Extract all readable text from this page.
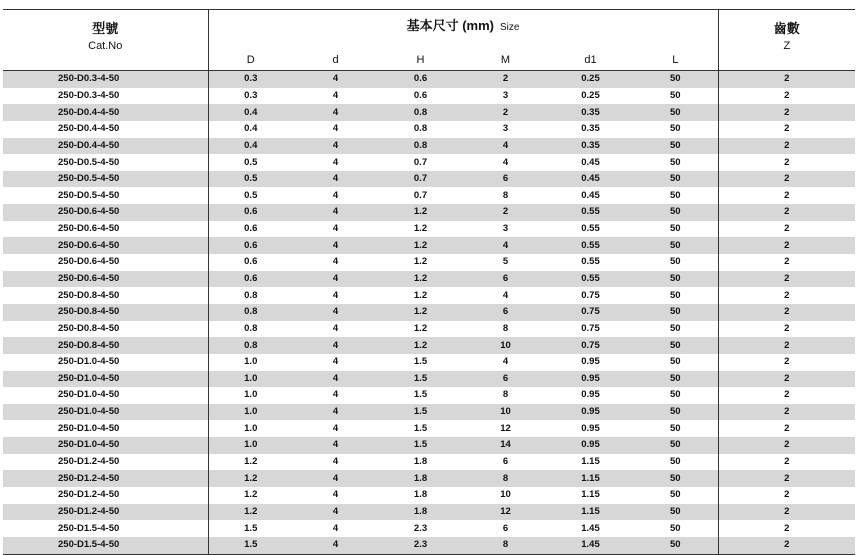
型號	基本尺寸 (mm) Size						齒數
Cat.No	D	d	H	M	d1	L	Z
250-D0.3-4-50	0.3	4	0.6	2	0.25	50	2
250-D0.3-4-50	0.3	4	0.6	3	0.25	50	2
250-D0.4-4-50	0.4	4	0.8	2	0.35	50	2
250-D0.4-4-50	0.4	4	0.8	3	0.35	50	2
250-D0.4-4-50	0.4	4	0.8	4	0.35	50	2
250-D0.5-4-50	0.5	4	0.7	4	0.45	50	2
250-D0.5-4-50	0.5	4	0.7	6	0.45	50	2
250-D0.5-4-50	0.5	4	0.7	8	0.45	50	2
250-D0.6-4-50	0.6	4	1.2	2	0.55	50	2
250-D0.6-4-50	0.6	4	1.2	3	0.55	50	2
250-D0.6-4-50	0.6	4	1.2	4	0.55	50	2
250-D0.6-4-50	0.6	4	1.2	5	0.55	50	2
250-D0.6-4-50	0.6	4	1.2	6	0.55	50	2
250-D0.8-4-50	0.8	4	1.2	4	0.75	50	2
250-D0.8-4-50	0.8	4	1.2	6	0.75	50	2
250-D0.8-4-50	0.8	4	1.2	8	0.75	50	2
250-D0.8-4-50	0.8	4	1.2	10	0.75	50	2
250-D1.0-4-50	1.0	4	1.5	4	0.95	50	2
250-D1.0-4-50	1.0	4	1.5	6	0.95	50	2
250-D1.0-4-50	1.0	4	1.5	8	0.95	50	2
250-D1.0-4-50	1.0	4	1.5	10	0.95	50	2
250-D1.0-4-50	1.0	4	1.5	12	0.95	50	2
250-D1.0-4-50	1.0	4	1.5	14	0.95	50	2
250-D1.2-4-50	1.2	4	1.8	6	1.15	50	2
250-D1.2-4-50	1.2	4	1.8	8	1.15	50	2
250-D1.2-4-50	1.2	4	1.8	10	1.15	50	2
250-D1.2-4-50	1.2	4	1.8	12	1.15	50	2
250-D1.5-4-50	1.5	4	2.3	6	1.45	50	2
250-D1.5-4-50	1.5	4	2.3	8	1.45	50	2
